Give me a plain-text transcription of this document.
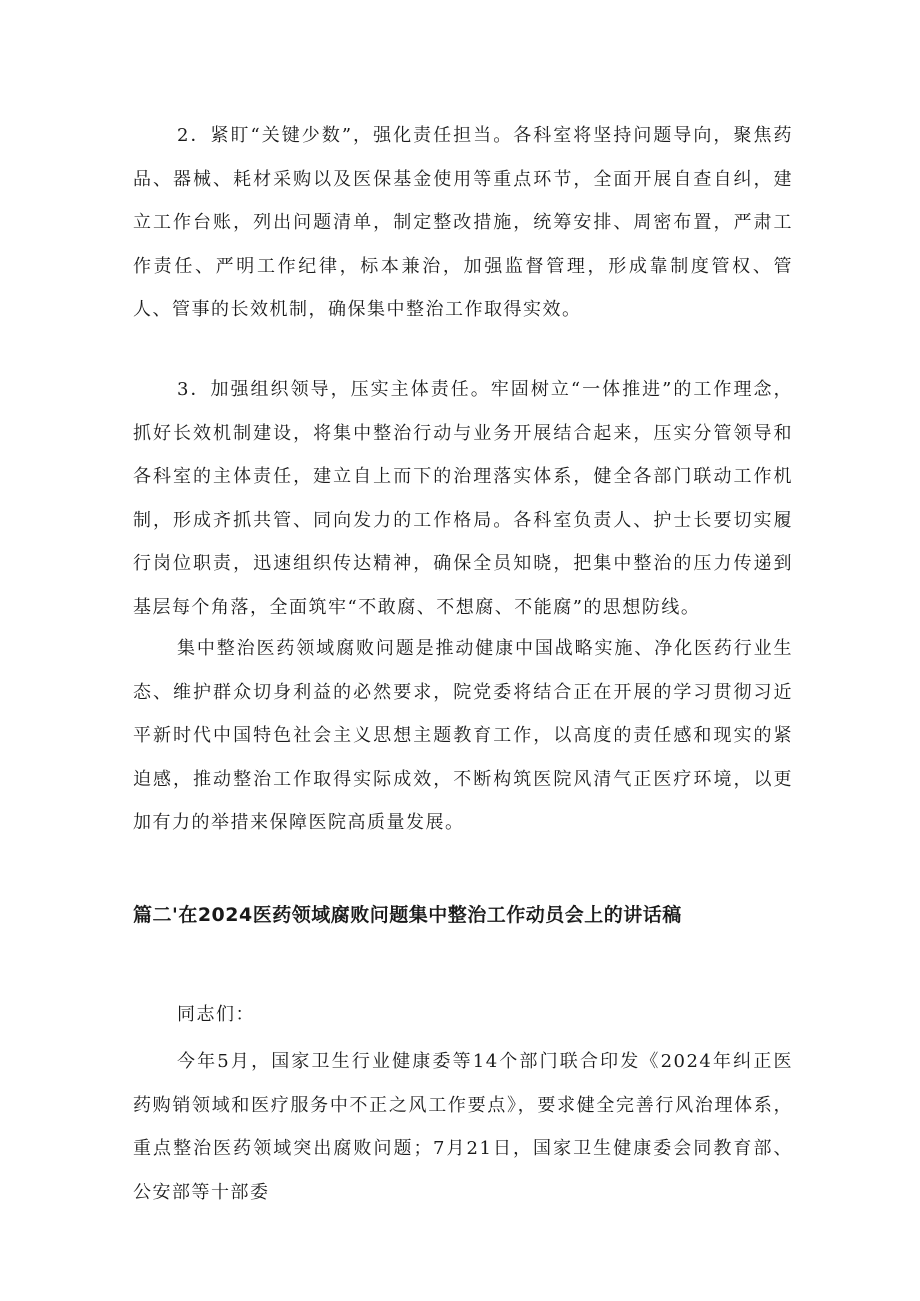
2．紧盯“关键少数”，强化责任担当。各科室将坚持问题导向，聚焦药品、器械、耗材采购以及医保基金使用等重点环节，全面开展自查自纠，建立工作台账，列出问题清单，制定整改措施，统筹安排、周密布置，严肃工作责任、严明工作纪律，标本兼治，加强监督管理，形成靠制度管权、管人、管事的长效机制，确保集中整治工作取得实效。

3．加强组织领导，压实主体责任。牢固树立“一体推进”的工作理念，抓好长效机制建设，将集中整治行动与业务开展结合起来，压实分管领导和各科室的主体责任，建立自上而下的治理落实体系，健全各部门联动工作机制，形成齐抓共管、同向发力的工作格局。各科室负责人、护士长要切实履行岗位职责，迅速组织传达精神，确保全员知晓，把集中整治的压力传递到基层每个角落，全面筑牢“不敢腐、不想腐、不能腐”的思想防线。

集中整治医药领域腐败问题是推动健康中国战略实施、净化医药行业生态、维护群众切身利益的必然要求，院党委将结合正在开展的学习贯彻习近平新时代中国特色社会主义思想主题教育工作，以高度的责任感和现实的紧迫感，推动整治工作取得实际成效，不断构筑医院风清气正医疗环境，以更加有力的举措来保障医院高质量发展。

篇二'在2024医药领域腐败问题集中整治工作动员会上的讲话稿

同志们：

今年5月，国家卫生行业健康委等14个部门联合印发《2024年纠正医药购销领域和医疗服务中不正之风工作要点》，要求健全完善行风治理体系，重点整治医药领域突出腐败问题；7月21日，国家卫生健康委会同教育部、公安部等十部委
